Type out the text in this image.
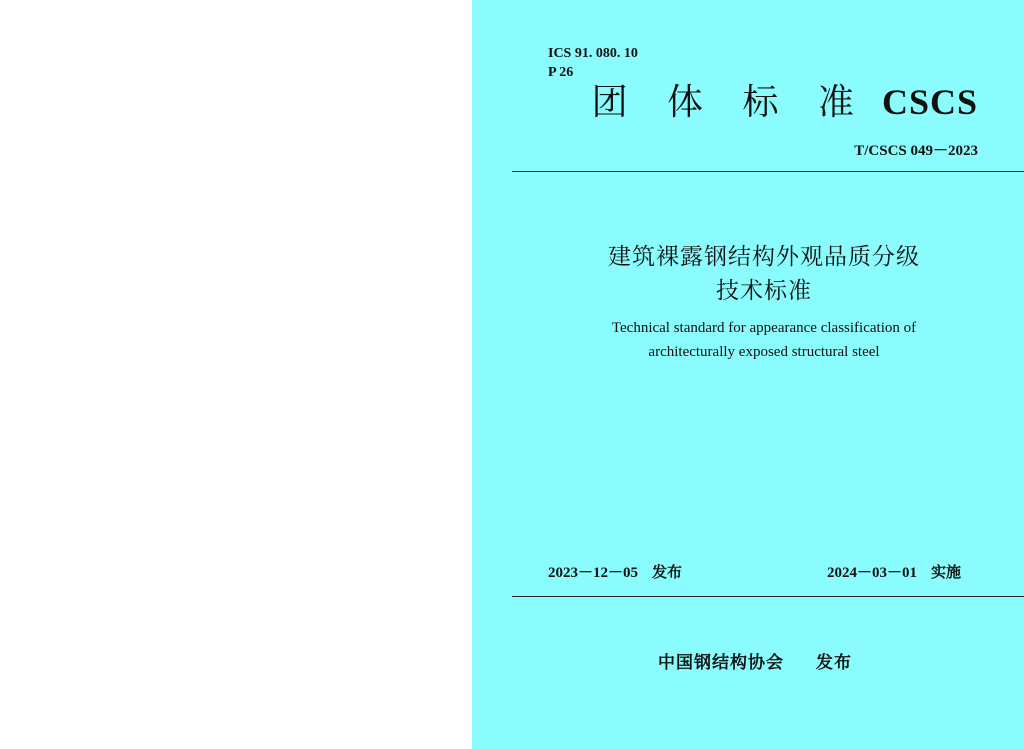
ICS 91. 080. 10
P 26
团 体 标 准 CSCS
T/CSCS 049－2023
建筑裸露钢结构外观品质分级
技术标准
Technical standard for appearance classification of
architecturally exposed structural steel
2023－12－05 发布	2024－03－01 实施
中国钢结构协会 发布
